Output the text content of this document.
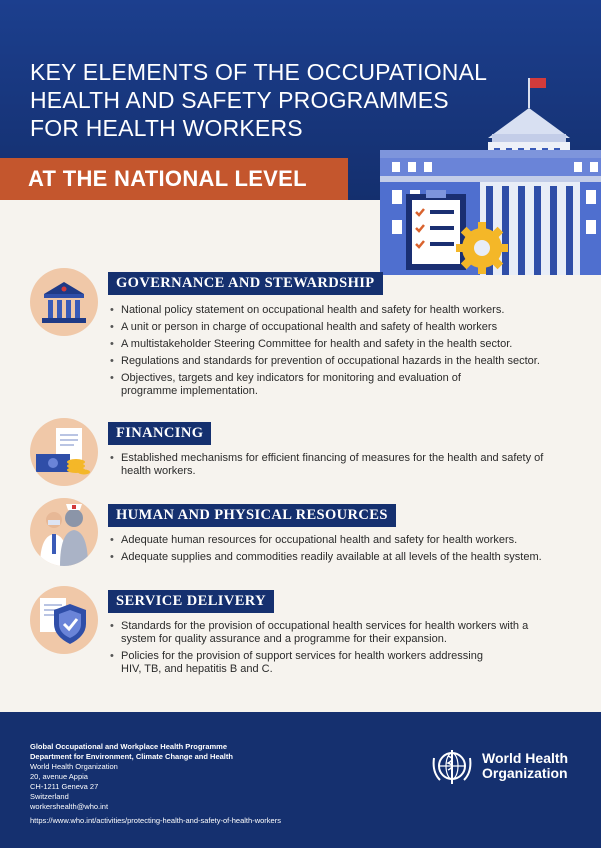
KEY ELEMENTS OF THE OCCUPATIONAL
HEALTH AND SAFETY PROGRAMMES
FOR HEALTH WORKERS
AT THE NATIONAL LEVEL
GOVERNANCE AND STEWARDSHIP
• National policy statement on occupational health and safety for health workers.
• A unit or person in charge of occupational health and safety of health workers
• A multistakeholder Steering Committee for health and safety in the health sector.
• Regulations and standards for prevention of occupational hazards in the health sector.
• Objectives, targets and key indicators for monitoring and evaluation of programme implementation.
FINANCING
• Established mechanisms for efficient financing of measures for the health and safety of health workers.
HUMAN AND PHYSICAL RESOURCES
• Adequate human resources for occupational health and safety for health workers.
• Adequate supplies and commodities readily available at all levels of the health system.
SERVICE DELIVERY
• Standards for the provision of occupational health services for health workers with a system for quality assurance and a programme for their expansion.
• Policies for the provision of support services for health workers addressing HIV, TB, and hepatitis B and C.
Global Occupational and Workplace Health Programme
Department for Environment, Climate Change and Health
World Health Organization
20, avenue Appia
CH-1211 Geneva 27
Switzerland
workershealth@who.int
https://www.who.int/activities/protecting-health-and-safety-of-health-workers
World Health
Organization
